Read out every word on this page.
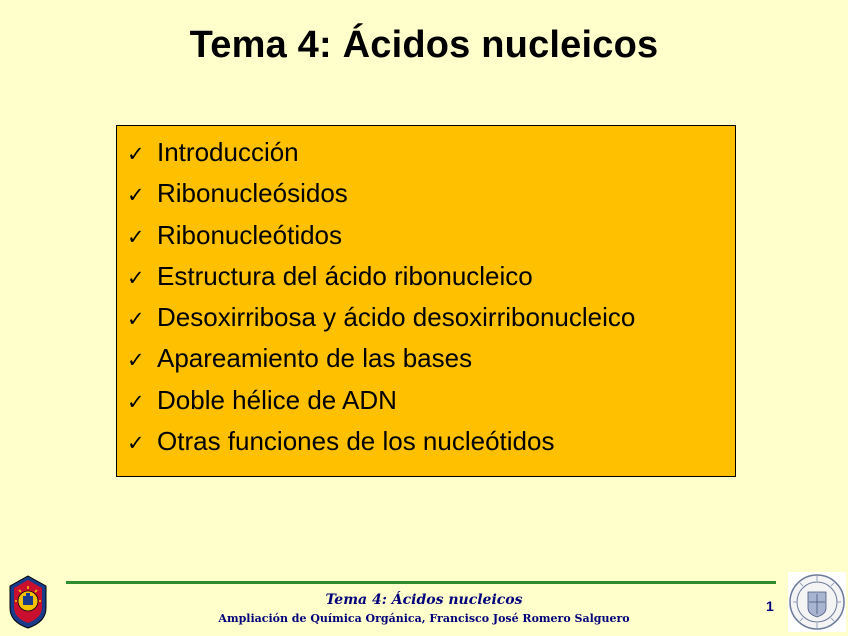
Tema 4: Ácidos nucleicos
✓ Introducción
✓ Ribonucleósidos
✓ Ribonucleótidos
✓ Estructura del ácido ribonucleico
✓ Desoxirribosa y ácido desoxirribonucleico
✓ Apareamiento de las bases
✓ Doble hélice de ADN
✓ Otras funciones de los nucleótidos
Tema 4: Ácidos nucleicos
Ampliación de Química Orgánica, Francisco José Romero Salguero
1
